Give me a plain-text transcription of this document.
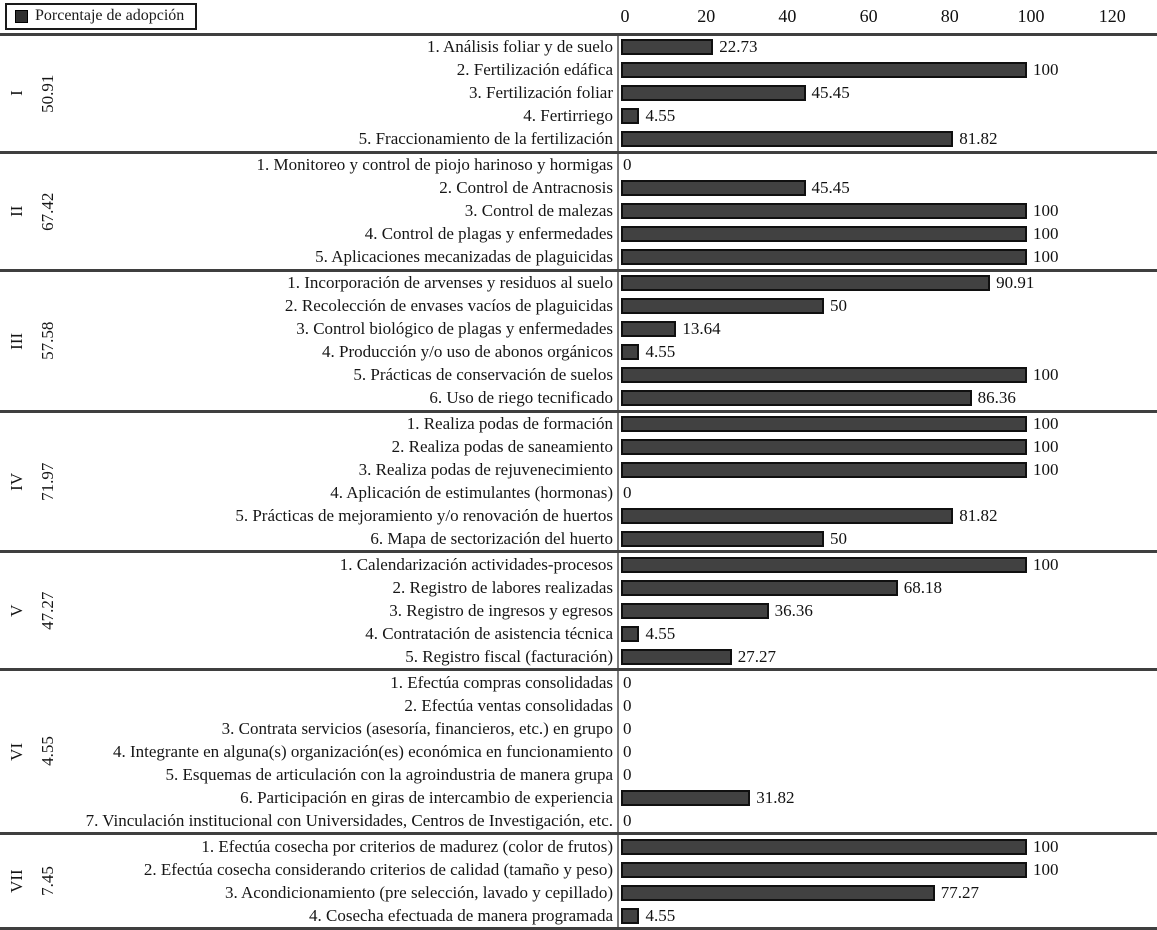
Porcentaje de adopción	0	20	40	60	80	100	120
I 50.91
1. Análisis foliar y de suelo	22.73
2. Fertilización edáfica	100
3. Fertilización foliar	45.45
4. Fertirriego 4.55
5. Fraccionamiento de la fertilización	81.82
II 67.42
1. Monitoreo y control de piojo harinoso y hormigas 0
2. Control de Antracnosis	45.45
3. Control de malezas	100
4. Control de plagas y enfermedades	100
5. Aplicaciones mecanizadas de plaguicidas	100
III 57.58
1. Incorporación de arvenses y residuos al suelo	90.91
2. Recolección de envases vacíos de plaguicidas	50
3. Control biológico de plagas y enfermedades	13.64
4. Producción y/o uso de abonos orgánicos 4.55
5. Prácticas de conservación de suelos	100
6. Uso de riego tecnificado	86.36
IV 71.97
1. Realiza podas de formación	100
2. Realiza podas de saneamiento	100
3. Realiza podas de rejuvenecimiento	100
4. Aplicación de estimulantes (hormonas) 0
5. Prácticas de mejoramiento y/o renovación de huertos	81.82
6. Mapa de sectorización del huerto	50
V 47.27
1. Calendarización actividades-procesos	100
2. Registro de labores realizadas	68.18
3. Registro de ingresos y egresos	36.36
4. Contratación de asistencia técnica 4.55
5. Registro fiscal (facturación)	27.27
VI 4.55
1. Efectúa compras consolidadas 0
2. Efectúa ventas consolidadas 0
3. Contrata servicios (asesoría, financieros, etc.) en grupo 0
4. Integrante en alguna(s) organización(es) económica en funcionamiento 0
5. Esquemas de articulación con la agroindustria de manera grupa 0
6. Participación en giras de intercambio de experiencia	31.82
7. Vinculación institucional con Universidades, Centros de Investigación, etc. 0
VII 7.45
1. Efectúa cosecha por criterios de madurez (color de frutos)	100
2. Efectúa cosecha considerando criterios de calidad (tamaño y peso)	100
3. Acondicionamiento (pre selección, lavado y cepillado)	77.27
4. Cosecha efectuada de manera programada 4.55
